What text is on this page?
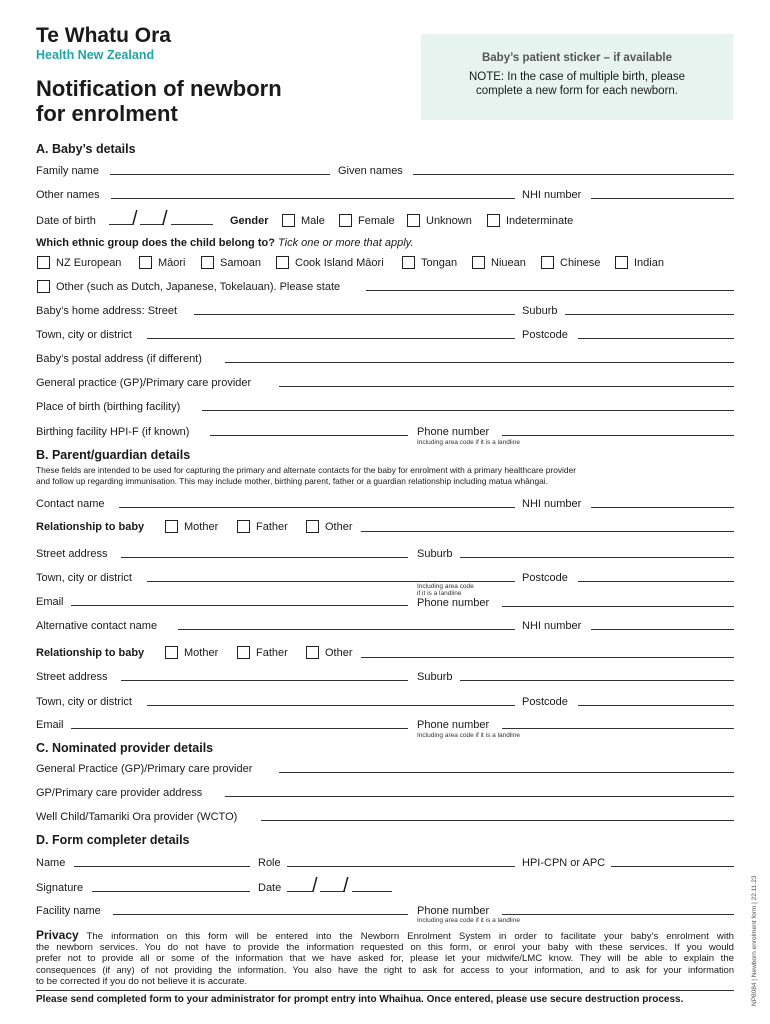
Te Whatu Ora
Health New Zealand
Notification of newborn
for enrolment
Baby’s patient sticker – if available
NOTE: In the case of multiple birth, please
complete a new form for each newborn.
A. Baby’s details
Family name	Given names
Other names	NHI number
Date of birth / /	Gender	Male	Female	Unknown	Indeterminate
Which ethnic group does the child belong to? Tick one or more that apply.
NZ European	Māori	Samoan	Cook Island Māori	Tongan	Niuean	Chinese	Indian
Other (such as Dutch, Japanese, Tokelauan). Please state
Baby’s home address: Street	Suburb
Town, city or district	Postcode
Baby’s postal address (if different)
General practice (GP)/Primary care provider
Place of birth (birthing facility)
Birthing facility HPI-F (if known)	Phone number
Including area code if it is a landline
B. Parent/guardian details
These fields are intended to be used for capturing the primary and alternate contacts for the baby for enrolment with a primary healthcare provider
and follow up regarding immunisation. This may include mother, birthing parent, father or a guardian relationship including matua whāngai.
Contact name	NHI number
Relationship to baby	Mother	Father	Other
Street address	Suburb
Town, city or district	Postcode
Including area code
if it is a landline
Email	Phone number
Alternative contact name	NHI number
Relationship to baby	Mother	Father	Other
Street address	Suburb
Town, city or district	Postcode
Email	Phone number
Including area code if it is a landline
C. Nominated provider details
General Practice (GP)/Primary care provider
GP/Primary care provider address
Well Child/Tamariki Ora provider (WCTO)
D. Form completer details
Name	Role	HPI-CPN or APC
Signature	Date / /
Facility name	Phone number
Including area code if it is a landline
Privacy The information on this form will be entered into the Newborn Enrolment System in order to facilitate your baby’s enrolment with
the newborn services. You do not have to provide the information requested on this form, or enrol your baby with these services. If you would
prefer not to provide all or some of the information that we have asked for, please let your midwife/LMC know. They will be able to explain the
consequences (if any) of not providing the information. You also have the right to ask for access to your information, and to ask for your information
to be corrected if you do not believe it is accurate.
Please send completed form to your administrator for prompt entry into Whaihua. Once entered, please use secure destruction process.	NP8084 | Newborn enrolment form | 22.11.23
